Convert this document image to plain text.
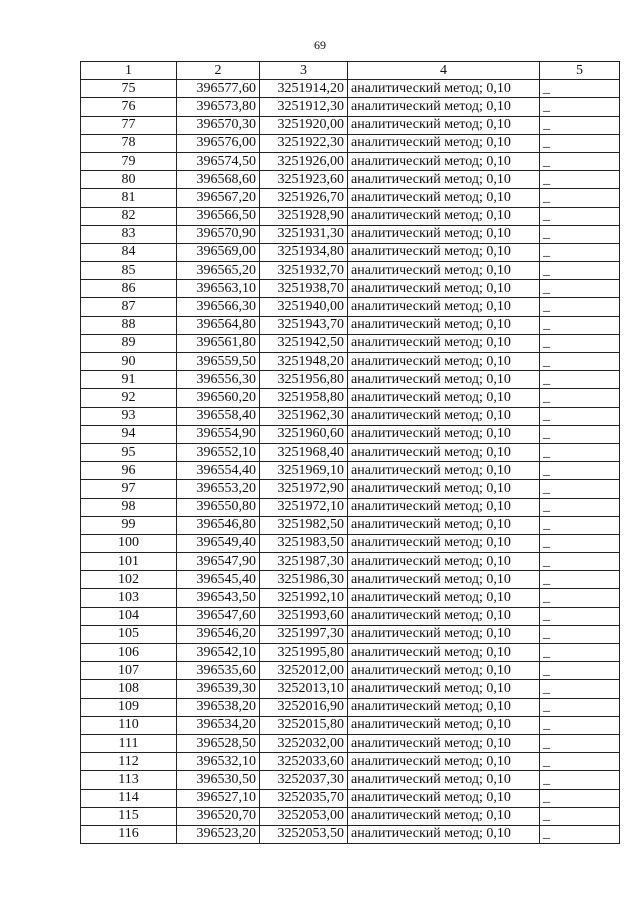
69
1	2	3	4	5
75	396577,60	3251914,20	аналитический метод; 0,10	_
76	396573,80	3251912,30	аналитический метод; 0,10	_
77	396570,30	3251920,00	аналитический метод; 0,10	_
78	396576,00	3251922,30	аналитический метод; 0,10	_
79	396574,50	3251926,00	аналитический метод; 0,10	_
80	396568,60	3251923,60	аналитический метод; 0,10	_
81	396567,20	3251926,70	аналитический метод; 0,10	_
82	396566,50	3251928,90	аналитический метод; 0,10	_
83	396570,90	3251931,30	аналитический метод; 0,10	_
84	396569,00	3251934,80	аналитический метод; 0,10	_
85	396565,20	3251932,70	аналитический метод; 0,10	_
86	396563,10	3251938,70	аналитический метод; 0,10	_
87	396566,30	3251940,00	аналитический метод; 0,10	_
88	396564,80	3251943,70	аналитический метод; 0,10	_
89	396561,80	3251942,50	аналитический метод; 0,10	_
90	396559,50	3251948,20	аналитический метод; 0,10	_
91	396556,30	3251956,80	аналитический метод; 0,10	_
92	396560,20	3251958,80	аналитический метод; 0,10	_
93	396558,40	3251962,30	аналитический метод; 0,10	_
94	396554,90	3251960,60	аналитический метод; 0,10	_
95	396552,10	3251968,40	аналитический метод; 0,10	_
96	396554,40	3251969,10	аналитический метод; 0,10	_
97	396553,20	3251972,90	аналитический метод; 0,10	_
98	396550,80	3251972,10	аналитический метод; 0,10	_
99	396546,80	3251982,50	аналитический метод; 0,10	_
100	396549,40	3251983,50	аналитический метод; 0,10	_
101	396547,90	3251987,30	аналитический метод; 0,10	_
102	396545,40	3251986,30	аналитический метод; 0,10	_
103	396543,50	3251992,10	аналитический метод; 0,10	_
104	396547,60	3251993,60	аналитический метод; 0,10	_
105	396546,20	3251997,30	аналитический метод; 0,10	_
106	396542,10	3251995,80	аналитический метод; 0,10	_
107	396535,60	3252012,00	аналитический метод; 0,10	_
108	396539,30	3252013,10	аналитический метод; 0,10	_
109	396538,20	3252016,90	аналитический метод; 0,10	_
110	396534,20	3252015,80	аналитический метод; 0,10	_
111	396528,50	3252032,00	аналитический метод; 0,10	_
112	396532,10	3252033,60	аналитический метод; 0,10	_
113	396530,50	3252037,30	аналитический метод; 0,10	_
114	396527,10	3252035,70	аналитический метод; 0,10	_
115	396520,70	3252053,00	аналитический метод; 0,10	_
116	396523,20	3252053,50	аналитический метод; 0,10	_
